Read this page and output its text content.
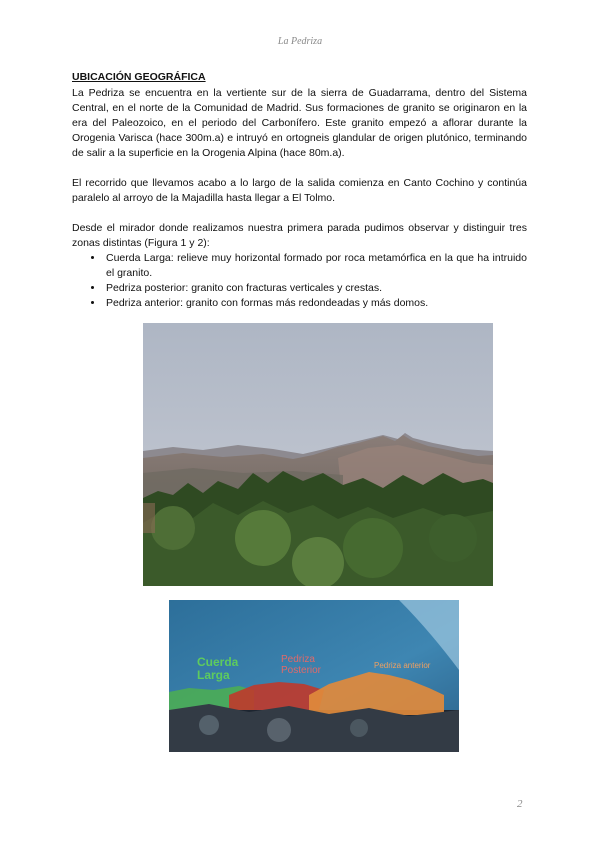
La Pedriza
UBICACIÓN GEOGRÁFICA

La Pedriza se encuentra en la vertiente sur de la sierra de Guadarrama, dentro del Sistema Central, en el norte de la Comunidad de Madrid. Sus formaciones de granito se originaron en la era del Paleozoico, en el periodo del Carbonífero. Este granito empezó a aflorar durante la Orogenia Varisca (hace 300m.a) e intruyó en ortogneis glandular de origen plutónico, terminando de salir a la superficie en la Orogenia Alpina (hace 80m.a).

El recorrido que llevamos acabo a lo largo de la salida comienza en Canto Cochino y continúa paralelo al arroyo de la Majadilla hasta llegar a El Tolmo.

Desde el mirador donde realizamos nuestra primera parada pudimos observar y distinguir tres zonas distintas (Figura 1 y 2):

• Cuerda Larga: relieve muy horizontal formado por roca metamórfica en la que ha intruido el granito.
• Pedriza posterior: granito con fracturas verticales y crestas.
• Pedriza anterior: granito con formas más redondeadas y más domos.
Cuerda Larga
Pedriza Posterior	Pedriza anterior
2
